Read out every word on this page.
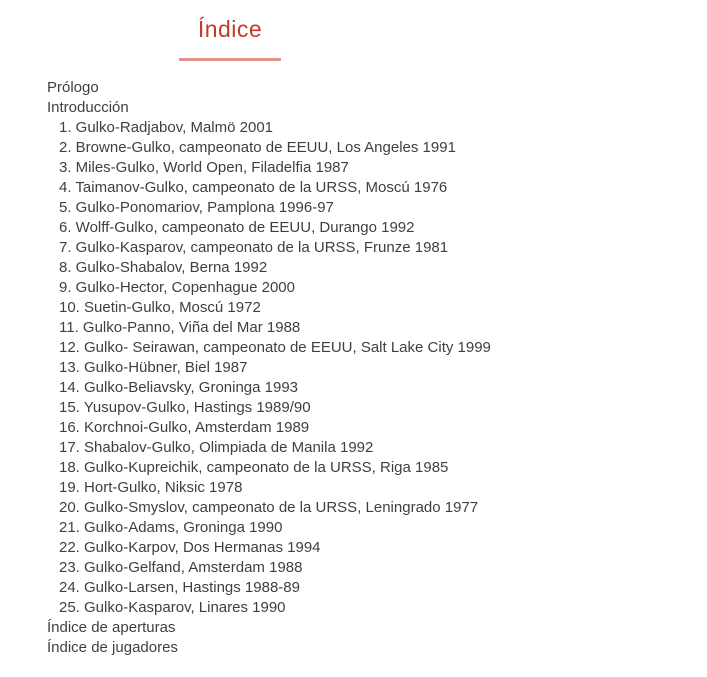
Índice
Prólogo
Introducción
1. Gulko-Radjabov, Malmö 2001
2. Browne-Gulko, campeonato de EEUU, Los Angeles 1991
3. Miles-Gulko, World Open, Filadelfia 1987
4. Taimanov-Gulko, campeonato de la URSS, Moscú 1976
5. Gulko-Ponomariov, Pamplona 1996-97
6. Wolff-Gulko, campeonato de EEUU, Durango 1992
7. Gulko-Kasparov, campeonato de la URSS, Frunze 1981
8. Gulko-Shabalov, Berna 1992
9. Gulko-Hector, Copenhague 2000
10. Suetin-Gulko, Moscú 1972
11. Gulko-Panno, Viña del Mar 1988
12. Gulko- Seirawan, campeonato de EEUU, Salt Lake City 1999
13. Gulko-Hübner, Biel 1987
14. Gulko-Beliavsky, Groninga 1993
15. Yusupov-Gulko, Hastings 1989/90
16. Korchnoi-Gulko, Amsterdam 1989
17. Shabalov-Gulko, Olimpiada de Manila 1992
18. Gulko-Kupreichik, campeonato de la URSS, Riga 1985
19. Hort-Gulko, Niksic 1978
20. Gulko-Smyslov, campeonato de la URSS, Leningrado 1977
21. Gulko-Adams, Groninga 1990
22. Gulko-Karpov, Dos Hermanas 1994
23. Gulko-Gelfand, Amsterdam 1988
24. Gulko-Larsen, Hastings 1988-89
25. Gulko-Kasparov, Linares 1990
Índice de aperturas
Índice de jugadores
